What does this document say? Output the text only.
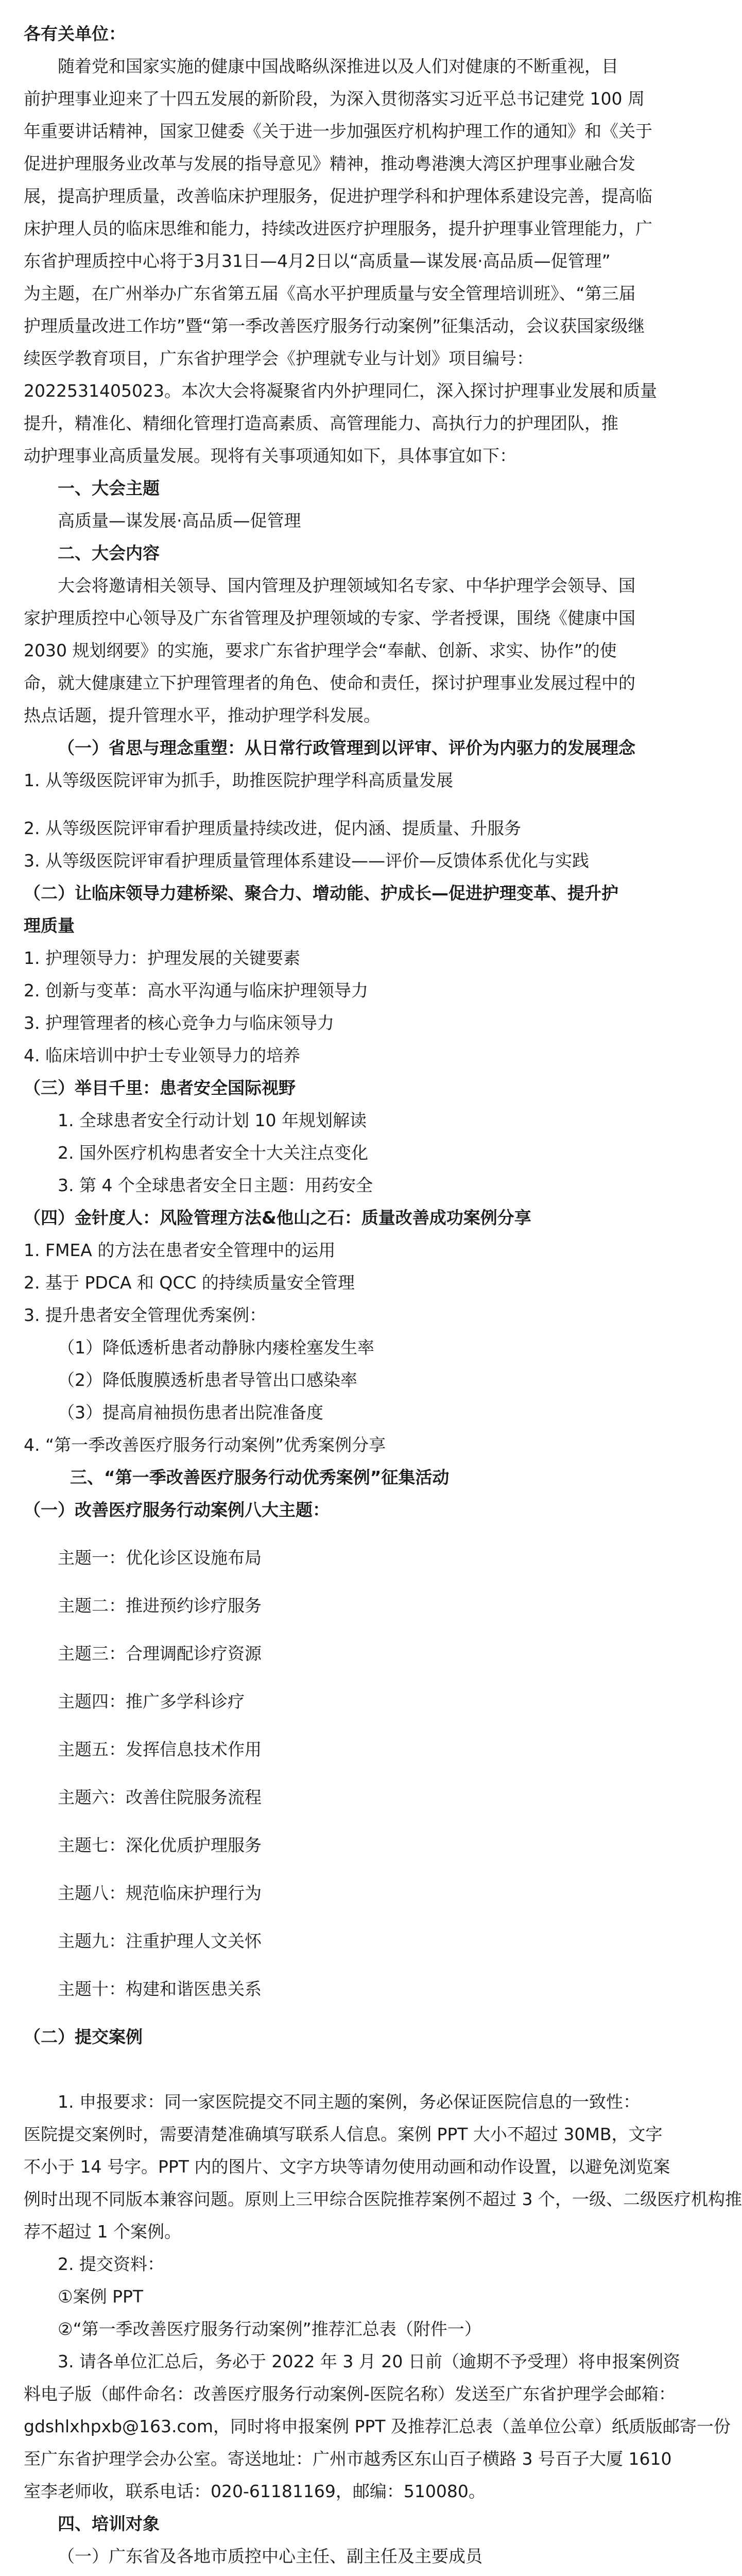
各有关单位：

随着党和国家实施的健康中国战略纵深推进以及人们对健康的不断重视，目

前护理事业迎来了十四五发展的新阶段，为深入贯彻落实习近平总书记建党 100 周

年重要讲话精神，国家卫健委《关于进一步加强医疗机构护理工作的通知》和《关于

促进护理服务业改革与发展的指导意见》精神，推动粤港澳大湾区护理事业融合发

展，提高护理质量，改善临床护理服务，促进护理学科和护理体系建设完善，提高临

床护理人员的临床思维和能力，持续改进医疗护理服务，提升护理事业管理能力，广

东省护理质控中心将于3月31日—4月2日以“高质量—谋发展·高品质—促管理”

为主题，在广州举办广东省第五届《高水平护理质量与安全管理培训班》、“第三届

护理质量改进工作坊”暨“第一季改善医疗服务行动案例”征集活动，会议获国家级继

续医学教育项目，广东省护理学会《护理就专业与计划》项目编号：

2022531405023。本次大会将凝聚省内外护理同仁，深入探讨护理事业发展和质量

提升，精准化、精细化管理打造高素质、高管理能力、高执行力的护理团队，推

动护理事业高质量发展。现将有关事项通知如下，具体事宜如下：

一、大会主题

高质量—谋发展·高品质—促管理

二、大会内容

大会将邀请相关领导、国内管理及护理领域知名专家、中华护理学会领导、国

家护理质控中心领导及广东省管理及护理领域的专家、学者授课，围绕《健康中国

2030 规划纲要》的实施，要求广东省护理学会“奉献、创新、求实、协作”的使

命，就大健康建立下护理管理者的角色、使命和责任，探讨护理事业发展过程中的

热点话题，提升管理水平，推动护理学科发展。

（一）省思与理念重塑：从日常行政管理到以评审、评价为内驱力的发展理念

1. 从等级医院评审为抓手，助推医院护理学科高质量发展

2. 从等级医院评审看护理质量持续改进，促内涵、提质量、升服务

3. 从等级医院评审看护理质量管理体系建设——评价—反馈体系优化与实践

（二）让临床领导力建桥梁、聚合力、增动能、护成长—促进护理变革、提升护

理质量

1. 护理领导力：护理发展的关键要素

2. 创新与变革：高水平沟通与临床护理领导力

3. 护理管理者的核心竞争力与临床领导力

4. 临床培训中护士专业领导力的培养

（三）举目千里：患者安全国际视野

1. 全球患者安全行动计划 10 年规划解读

2. 国外医疗机构患者安全十大关注点变化

3. 第 4 个全球患者安全日主题：用药安全

（四）金针度人：风险管理方法&他山之石：质量改善成功案例分享

1. FMEA 的方法在患者安全管理中的运用

2. 基于 PDCA 和 QCC 的持续质量安全管理

3. 提升患者安全管理优秀案例：

（1）降低透析患者动静脉内瘘栓塞发生率

（2）降低腹膜透析患者导管出口感染率

（3）提高肩袖损伤患者出院准备度

4. “第一季改善医疗服务行动案例”优秀案例分享

三、“第一季改善医疗服务行动优秀案例”征集活动

（一）改善医疗服务行动案例八大主题：

主题一：优化诊区设施布局

主题二：推进预约诊疗服务

主题三：合理调配诊疗资源

主题四：推广多学科诊疗

主题五：发挥信息技术作用

主题六：改善住院服务流程

主题七：深化优质护理服务

主题八：规范临床护理行为

主题九：注重护理人文关怀

主题十：构建和谐医患关系

（二）提交案例

1. 申报要求：同一家医院提交不同主题的案例，务必保证医院信息的一致性：

医院提交案例时，需要清楚准确填写联系人信息。案例 PPT 大小不超过 30MB，文字

不小于 14 号字。PPT 内的图片、文字方块等请勿使用动画和动作设置，以避免浏览案

例时出现不同版本兼容问题。原则上三甲综合医院推荐案例不超过 3 个，一级、二级医疗机构推

荐不超过 1 个案例。

2. 提交资料：

①案例 PPT

②“第一季改善医疗服务行动案例”推荐汇总表（附件一）

3. 请各单位汇总后，务必于 2022 年 3 月 20 日前（逾期不予受理）将申报案例资

料电子版（邮件命名：改善医疗服务行动案例-医院名称）发送至广东省护理学会邮箱：

gdshlxhpxb@163.com，同时将申报案例 PPT 及推荐汇总表（盖单位公章）纸质版邮寄一份

至广东省护理学会办公室。寄送地址：广州市越秀区东山百子横路 3 号百子大厦 1610

室李老师收，联系电话：020-61181169，邮编：510080。

四、培训对象

（一）广东省及各地市质控中心主任、副主任及主要成员
